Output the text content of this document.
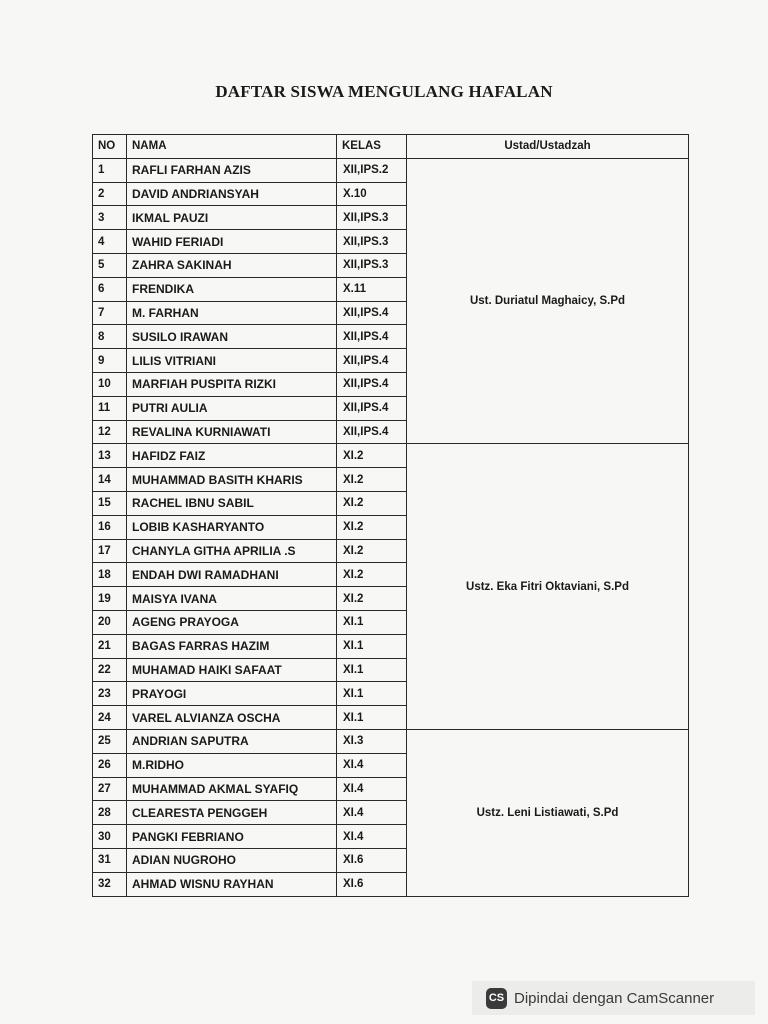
DAFTAR SISWA MENGULANG HAFALAN
NO	NAMA	KELAS	Ustad/Ustadzah
1	RAFLI FARHAN AZIS	XII,IPS.2	Ust. Duriatul Maghaicy, S.Pd
2	DAVID ANDRIANSYAH	X.10	
3	IKMAL PAUZI	XII,IPS.3	
4	WAHID FERIADI	XII,IPS.3	
5	ZAHRA SAKINAH	XII,IPS.3	
6	FRENDIKA	X.11	
7	M. FARHAN	XII,IPS.4	
8	SUSILO IRAWAN	XII,IPS.4	
9	LILIS VITRIANI	XII,IPS.4	
10	MARFIAH PUSPITA RIZKI	XII,IPS.4	
11	PUTRI AULIA	XII,IPS.4	
12	REVALINA KURNIAWATI	XII,IPS.4	
13	HAFIDZ FAIZ	XI.2	Ustz. Eka Fitri Oktaviani, S.Pd
14	MUHAMMAD BASITH KHARIS	XI.2	
15	RACHEL IBNU SABIL	XI.2	
16	LOBIB KASHARYANTO	XI.2	
17	CHANYLA GITHA APRILIA .S	XI.2	
18	ENDAH DWI RAMADHANI	XI.2	
19	MAISYA IVANA	XI.2	
20	AGENG PRAYOGA	XI.1	
21	BAGAS FARRAS HAZIM	XI.1	
22	MUHAMAD HAIKI SAFAAT	XI.1	
23	PRAYOGI	XI.1	
24	VAREL ALVIANZA OSCHA	XI.1	
25	ANDRIAN SAPUTRA	XI.3	Ustz. Leni Listiawati, S.Pd
26	M.RIDHO	XI.4	
27	MUHAMMAD AKMAL SYAFIQ	XI.4	
28	CLEARESTA PENGGEH	XI.4	
30	PANGKI FEBRIANO	XI.4	
31	ADIAN NUGROHO	XI.6	
32	AHMAD WISNU RAYHAN	XI.6	
CS Dipindai dengan CamScanner
